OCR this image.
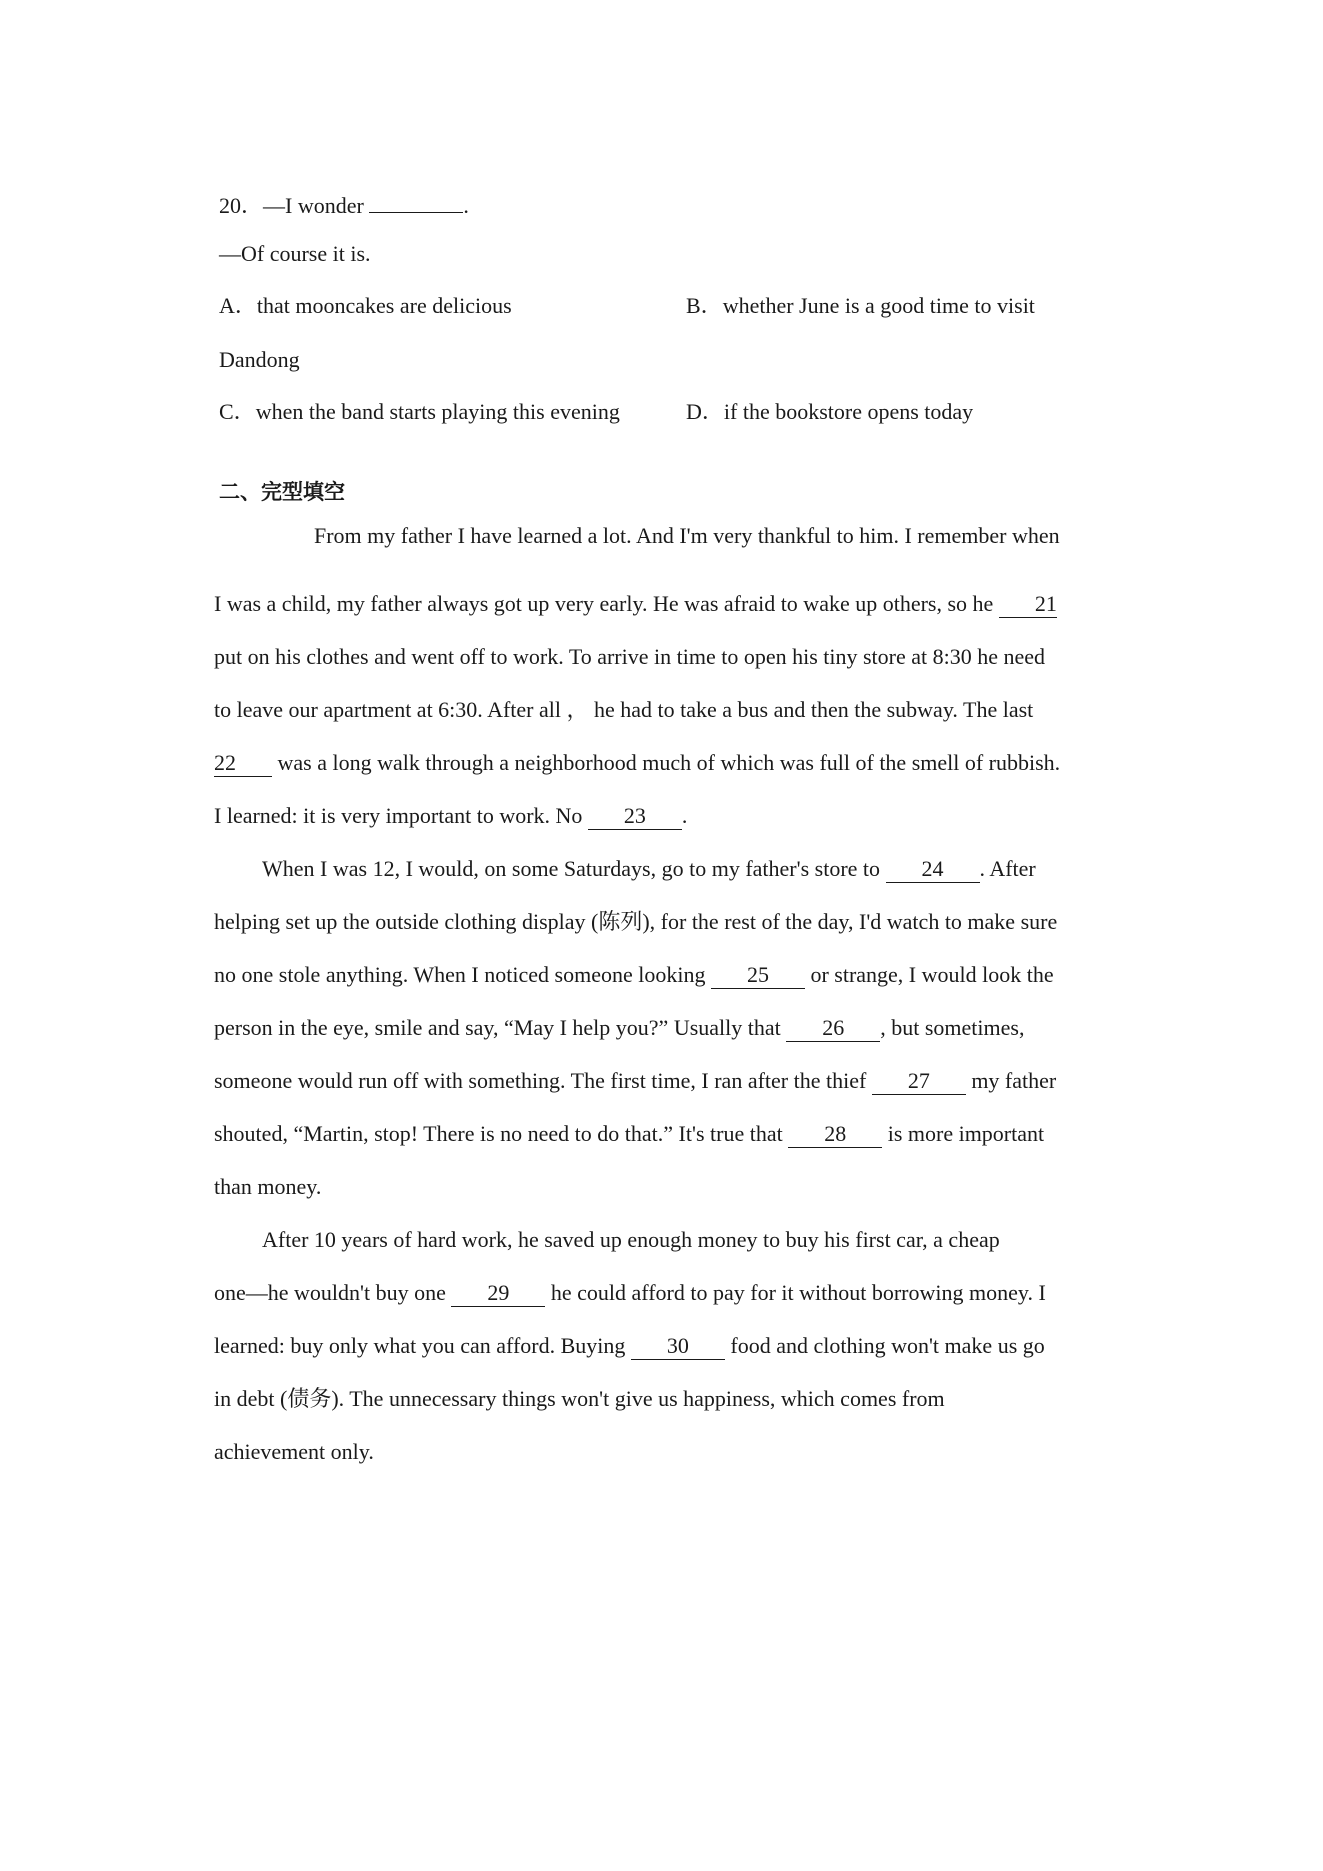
20．—I wonder	.
—Of course it is.
A．that mooncakes are delicious	B．whether June is a good time to visit
Dandong
C．when the band starts playing this evening	D．if the bookstore opens today
二、完型填空
From my father I have learned a lot. And I'm very thankful to him. I remember when
I was a child, my father always got up very early. He was afraid to wake up others, so he 21
put on his clothes and went off to work. To arrive in time to open his tiny store at 8:30 he need
to leave our apartment at 6:30. After all ， he had to take a bus and then the subway. The last
22 was a long walk through a neighborhood much of which was full of the smell of rubbish.
I learned: it is very important to work. No 23 .
When I was 12, I would, on some Saturdays, go to my father's store to 24 . After
helping set up the outside clothing display (陈列), for the rest of the day, I'd watch to make sure
no one stole anything. When I noticed someone looking 25 or strange, I would look the
person in the eye, smile and say, “May I help you?” Usually that 26 , but sometimes,
someone would run off with something. The first time, I ran after the thief 27 my father
shouted, “Martin, stop! There is no need to do that.” It's true that 28 is more important
than money.
After 10 years of hard work, he saved up enough money to buy his first car, a cheap
one—he wouldn't buy one 29 he could afford to pay for it without borrowing money. I
learned: buy only what you can afford. Buying 30 food and clothing won't make us go
in debt (债务). The unnecessary things won't give us happiness, which comes from
achievement only.
